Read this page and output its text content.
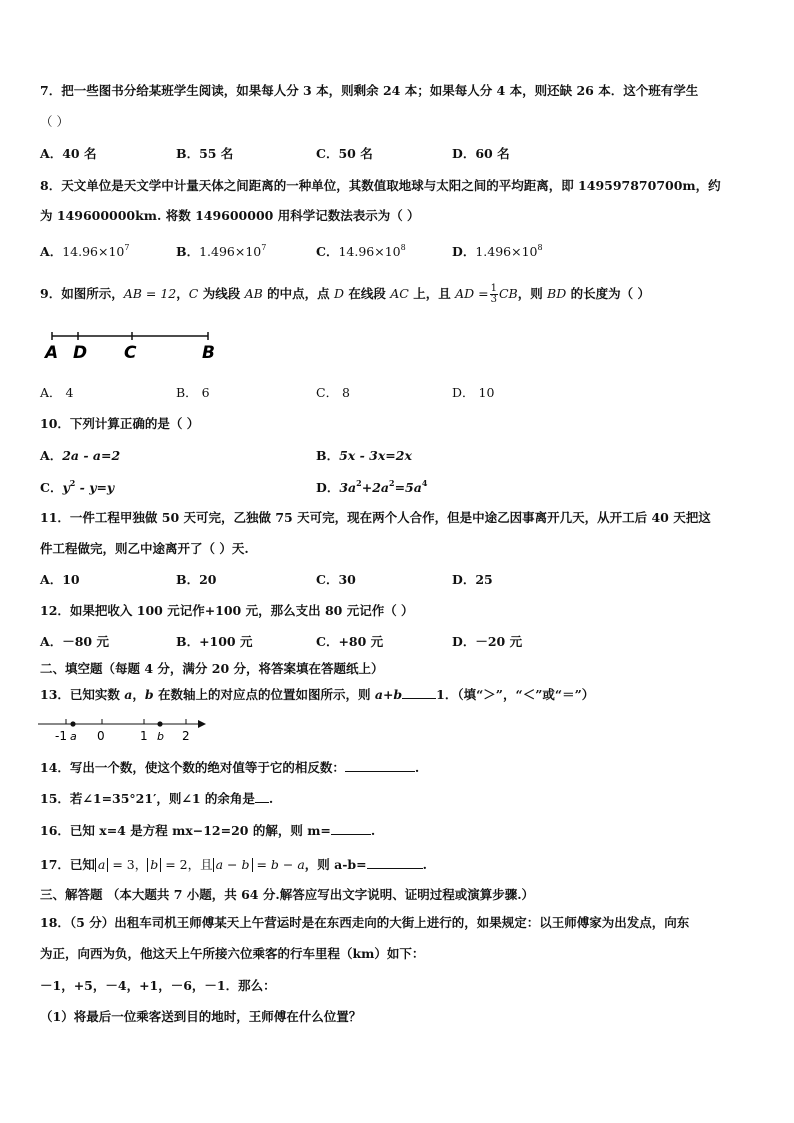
7．把一些图书分给某班学生阅读，如果每人分 3 本，则剩余 24 本；如果每人分 4 本，则还缺 26 本．这个班有学生
（ ）
A．40 名	B．55 名	C．50 名	D．60 名
8．天文单位是天文学中计量天体之间距离的一种单位，其数值取地球与太阳之间的平均距离，即 149597870700m，约
为 149600000km. 将数 149600000 用科学记数法表示为（ ）
A．$14.96\times 10^7$	B．$1.496\times 10^7$	C．$14.96\times 10^8$	D．$1.496\times 10^8$
9．如图所示，AB = 12，C 为线段 AB 的中点，点 D 在线段 AC 上，且 AD = $\frac{1}{3}$ CB，则 BD 的长度为（ ）
A D C	B
A． 4	B． 6	C． 8	D． 10
10．下列计算正确的是（ ）
A．2a - a=2	B．5x - 3x=2x
C．$y^2 - y=y$	D．$3a^2+2a^2=5a^4$
11．一件工程甲独做 50 天可完，乙独做 75 天可完，现在两个人合作，但是中途乙因事离开几天，从开工后 40 天把这
件工程做完，则乙中途离开了（ ）天.
A．10	B．20	C．30	D．25
12．如果把收入 100 元记作+100 元，那么支出 80 元记作（ ）
A．－80 元	B．+100 元	C．+80 元	D．－20 元
二、填空题（每题 4 分，满分 20 分，将答案填在答题纸上）
13．已知实数 a，b 在数轴上的对应点的位置如图所示，则 a+b	1．（填“＞”，“＜”或“＝”）
-1	0	1	2
a	b
14．写出一个数，使这个数的绝对值等于它的相反数：	.
15．若∠1=35°21′，则∠1 的余角是 .
16．已知 x=4 是方程 mx−12=20 的解，则 m=	.
17．已知 a = 3， b = 2，且 a − b = b − a，则 a-b=	.
三、解答题 （本大题共 7 小题，共 64 分.解答应写出文字说明、证明过程或演算步骤.）
18．（5 分）出租车司机王师傅某天上午营运时是在东西走向的大街上进行的，如果规定：以王师傅家为出发点，向东
为正，向西为负，他这天上午所接六位乘客的行车里程（km）如下：
－1，+5，－4，+1，－6，－1．那么：
（1）将最后一位乘客送到目的地时，王师傅在什么位置？
